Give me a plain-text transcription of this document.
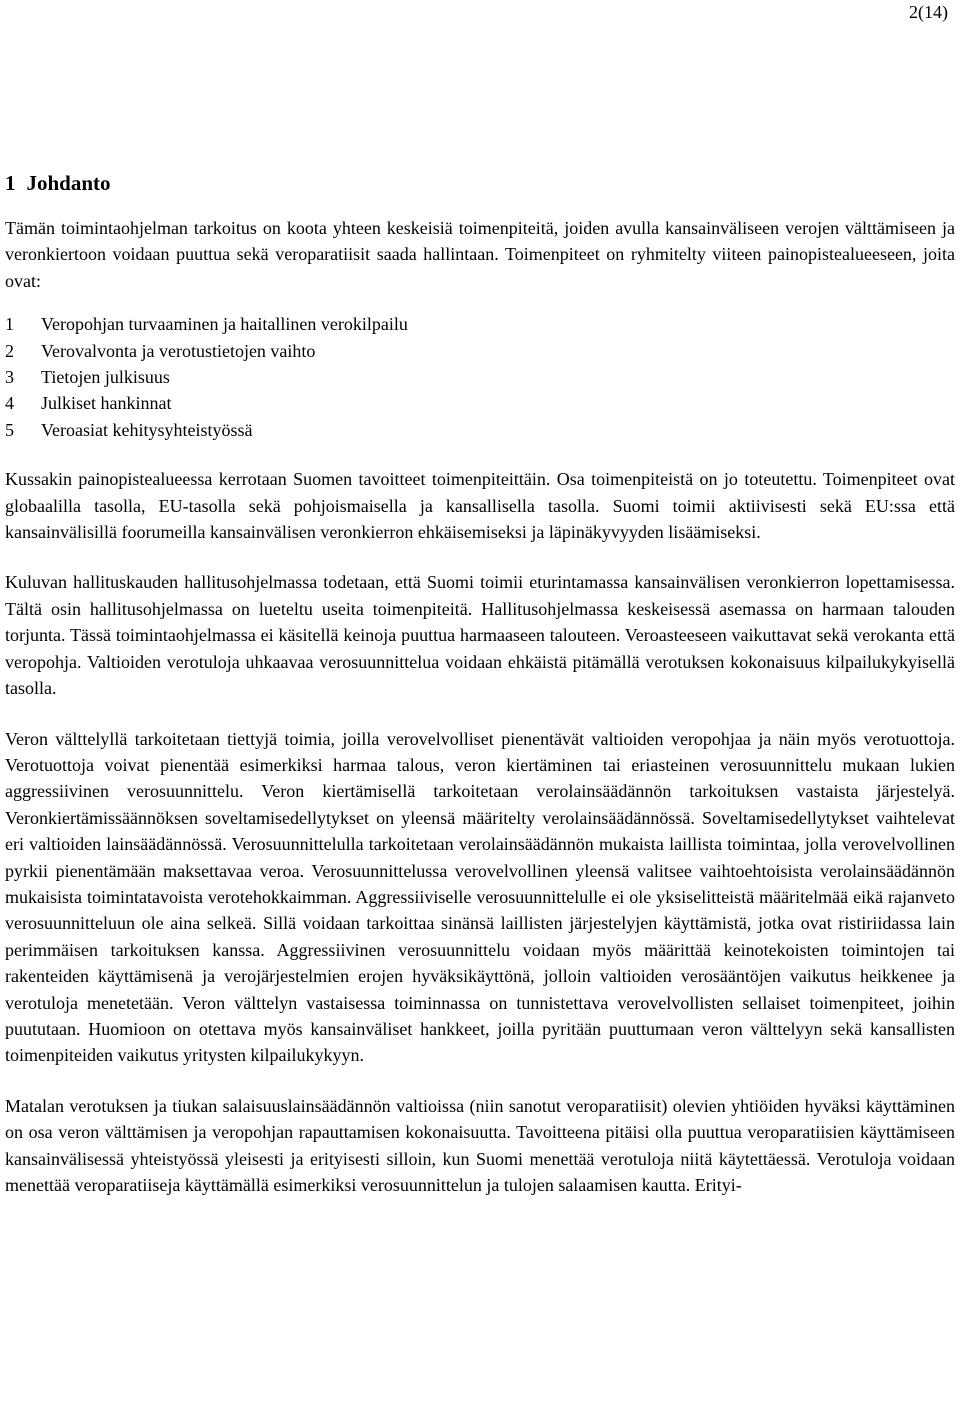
2(14)
1 Johdanto

Tämän toimintaohjelman tarkoitus on koota yhteen keskeisiä toimenpiteitä, joiden avulla kansainväliseen verojen välttämiseen ja veronkiertoon voidaan puuttua sekä veroparatiisit saada hallintaan. Toimenpiteet on ryhmitelty viiteen painopistealueeseen, joita ovat:

1 Veropohjan turvaaminen ja haitallinen verokilpailu
2 Verovalvonta ja verotustietojen vaihto
3 Tietojen julkisuus
4 Julkiset hankinnat
5 Veroasiat kehitysyhteistyössä

Kussakin painopistealueessa kerrotaan Suomen tavoitteet toimenpiteittäin. Osa toimenpiteistä on jo toteutettu. Toimenpiteet ovat globaalilla tasolla, EU-tasolla sekä pohjoismaisella ja kansallisella tasolla. Suomi toimii aktiivisesti sekä EU:ssa että kansainvälisillä foorumeilla kansainvälisen veronkierron ehkäisemiseksi ja läpinäkyvyyden lisäämiseksi.

Kuluvan hallituskauden hallitusohjelmassa todetaan, että Suomi toimii eturintamassa kansainvälisen veronkierron lopettamisessa. Tältä osin hallitusohjelmassa on lueteltu useita toimenpiteitä. Hallitusohjelmassa keskeisessä asemassa on harmaan talouden torjunta. Tässä toimintaohjelmassa ei käsitellä keinoja puuttua harmaaseen talouteen. Veroasteeseen vaikuttavat sekä verokanta että veropohja. Valtioiden verotuloja uhkaavaa verosuunnittelua voidaan ehkäistä pitämällä verotuksen kokonaisuus kilpailukykyisellä tasolla.

Veron välttelyllä tarkoitetaan tiettyjä toimia, joilla verovelvolliset pienentävät valtioiden veropohjaa ja näin myös verotuottoja. Verotuottoja voivat pienentää esimerkiksi harmaa talous, veron kiertäminen tai eriasteinen verosuunnittelu mukaan lukien aggressiivinen verosuunnittelu. Veron kiertämisellä tarkoitetaan verolainsäädännön tarkoituksen vastaista järjestelyä. Veronkiertämissäännöksen soveltamisedellytykset on yleensä määritelty verolainsäädännössä. Soveltamisedellytykset vaihtelevat eri valtioiden lainsäädännössä. Verosuunnittelulla tarkoitetaan verolainsäädännön mukaista laillista toimintaa, jolla verovelvollinen pyrkii pienentämään maksettavaa veroa. Verosuunnittelussa verovelvollinen yleensä valitsee vaihtoehtoisista verolainsäädännön mukaisista toimintatavoista verotehokkaimman. Aggressiiviselle verosuunnittelulle ei ole yksiselitteistä määritelmää eikä rajanveto verosuunnitteluun ole aina selkeä. Sillä voidaan tarkoittaa sinänsä laillisten järjestelyjen käyttämistä, jotka ovat ristiriidassa lain perimmäisen tarkoituksen kanssa. Aggressiivinen verosuunnittelu voidaan myös määrittää keinotekoisten toimintojen tai rakenteiden käyttämisenä ja verojärjestelmien erojen hyväksikäyttönä, jolloin valtioiden verosääntöjen vaikutus heikkenee ja verotuloja menetetään. Veron välttelyn vastaisessa toiminnassa on tunnistettava verovelvollisten sellaiset toimenpiteet, joihin puututaan. Huomioon on otettava myös kansainväliset hankkeet, joilla pyritään puuttumaan veron välttelyyn sekä kansallisten toimenpiteiden vaikutus yritysten kilpailukykyyn.

Matalan verotuksen ja tiukan salaisuuslainsäädännön valtioissa (niin sanotut veroparatiisit) olevien yhtiöiden hyväksi käyttäminen on osa veron välttämisen ja veropohjan rapauttamisen kokonaisuutta. Tavoitteena pitäisi olla puuttua veroparatiisien käyttämiseen kansainvälisessä yhteistyössä yleisesti ja erityisesti silloin, kun Suomi menettää verotuloja niitä käytettäessä. Verotuloja voidaan menettää veroparatiiseja käyttämällä esimerkiksi verosuunnittelun ja tulojen salaamisen kautta. Erityi-
